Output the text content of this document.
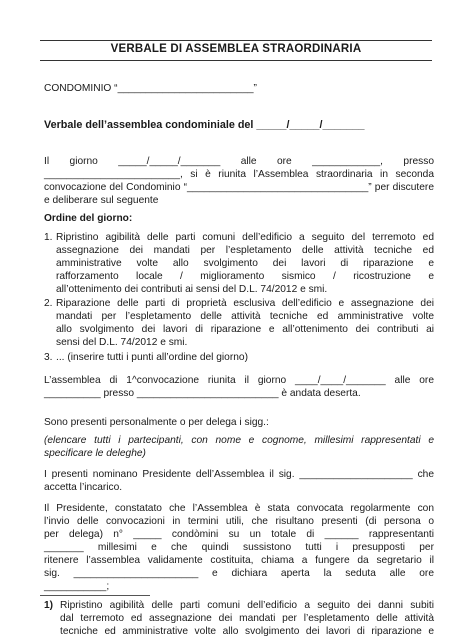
VERBALE DI ASSEMBLEA STRAORDINARIA
CONDOMINIO “________________________”
Verbale dell’assemblea condominiale del _____/_____/_______
Il giorno _____/_____/_______ alle ore ____________, presso
________________________, si è riunita l’Assemblea straordinaria in seconda
convocazione del Condominio “________________________________” per discutere
e deliberare sul seguente
Ordine del giorno:
1. Ripristino agibilità delle parti comuni dell’edificio a seguito del terremoto ed
assegnazione dei mandati per l’espletamento delle attività tecniche ed
amministrative volte allo svolgimento dei lavori di riparazione e
rafforzamento locale / miglioramento sismico / ricostruzione e
all’ottenimento dei contributi ai sensi del D.L. 74/2012 e smi.
2. Riparazione delle parti di proprietà esclusiva dell’edificio e assegnazione dei
mandati per l’espletamento delle attività tecniche ed amministrative volte
allo svolgimento dei lavori di riparazione e all’ottenimento dei contributi ai
sensi del D.L. 74/2012 e smi.
3. ... (inserire tutti i punti all’ordine del giorno)
L’assemblea di 1^convocazione riunita il giorno ____/____/_______ alle ore
__________ presso _________________________ è andata deserta.
Sono presenti personalmente o per delega i sigg.:
(elencare tutti i partecipanti, con nome e cognome, millesimi rappresentati e
specificare le deleghe)
I presenti nominano Presidente dell’Assemblea il sig. ____________________ che
accetta l’incarico.
Il Presidente, constatato che l’Assemblea è stata convocata regolarmente con
l’invio delle convocazioni in termini utili, che risultano presenti (di persona o
per delega) n° _____ condòmini su un totale di ______ rappresentanti
_______ millesimi e che quindi sussistono tutti i presupposti per
ritenere l’assemblea validamente costituita, chiama a fungere da segretario il
sig. ______________________ e dichiara aperta la seduta alle ore
___________;
1) Ripristino agibilità delle parti comuni dell’edificio a seguito dei danni subiti
dal terremoto ed assegnazione dei mandati per l’espletamento delle attività
tecniche ed amministrative volte allo svolgimento dei lavori di riparazione e
